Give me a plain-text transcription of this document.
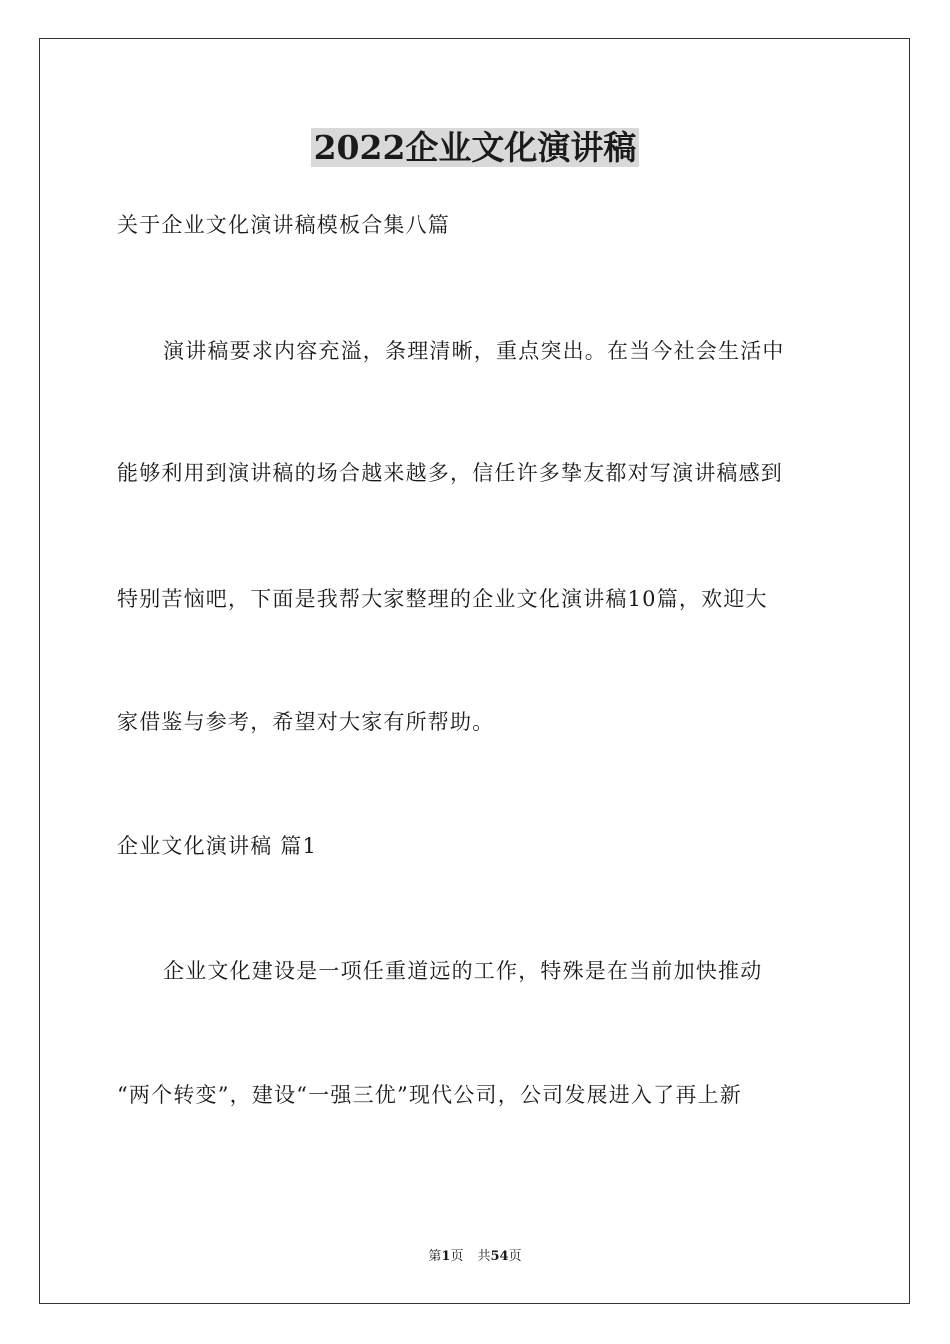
2022企业文化演讲稿
关于企业文化演讲稿模板合集八篇
演讲稿要求内容充溢，条理清晰，重点突出。在当今社会生活中
能够利用到演讲稿的场合越来越多，信任许多挚友都对写演讲稿感到
特别苦恼吧，下面是我帮大家整理的企业文化演讲稿10篇，欢迎大
家借鉴与参考，希望对大家有所帮助。
企业文化演讲稿 篇1
企业文化建设是一项任重道远的工作，特殊是在当前加快推动
“两个转变”，建设“一强三优”现代公司，公司发展进入了再上新
第1页 共54页
